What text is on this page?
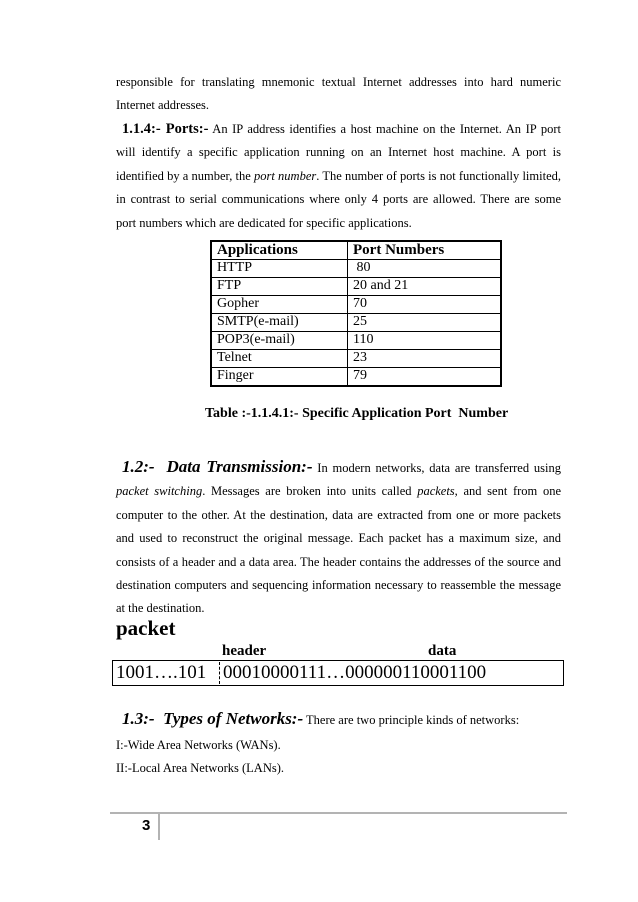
responsible for translating mnemonic textual Internet addresses into hard numeric Internet addresses.

1.1.4:- Ports:- An IP address identifies a host machine on the Internet. An IP port will identify a specific application running on an Internet host machine. A port is identified by a number, the port number. The number of ports is not functionally limited, in contrast to serial communications where only 4 ports are allowed. There are some port numbers which are dedicated for specific applications.

Applications	Port Numbers
HTTP	80
FTP	20 and 21
Gopher	70
SMTP(e-mail)	25
POP3(e-mail)	110
Telnet	23
Finger	79
Table :-1.1.4.1:- Specific Application Port  Number

1.2:-  Data Transmission:- In modern networks, data are transferred using packet switching. Messages are broken into units called packets, and sent from one computer to the other. At the destination, data are extracted from one or more packets and used to reconstruct the original message. Each packet has a maximum size, and consists of a header and a data area. The header contains the addresses of the source and destination computers and sequencing information necessary to reassemble the message at the destination.

packet
header	data
1001….101 00010000111…000000110001100

1.3:-  Types of Networks:- There are two principle kinds of networks:

I:-Wide Area Networks (WANs).
II:-Local Area Networks (LANs).
3
